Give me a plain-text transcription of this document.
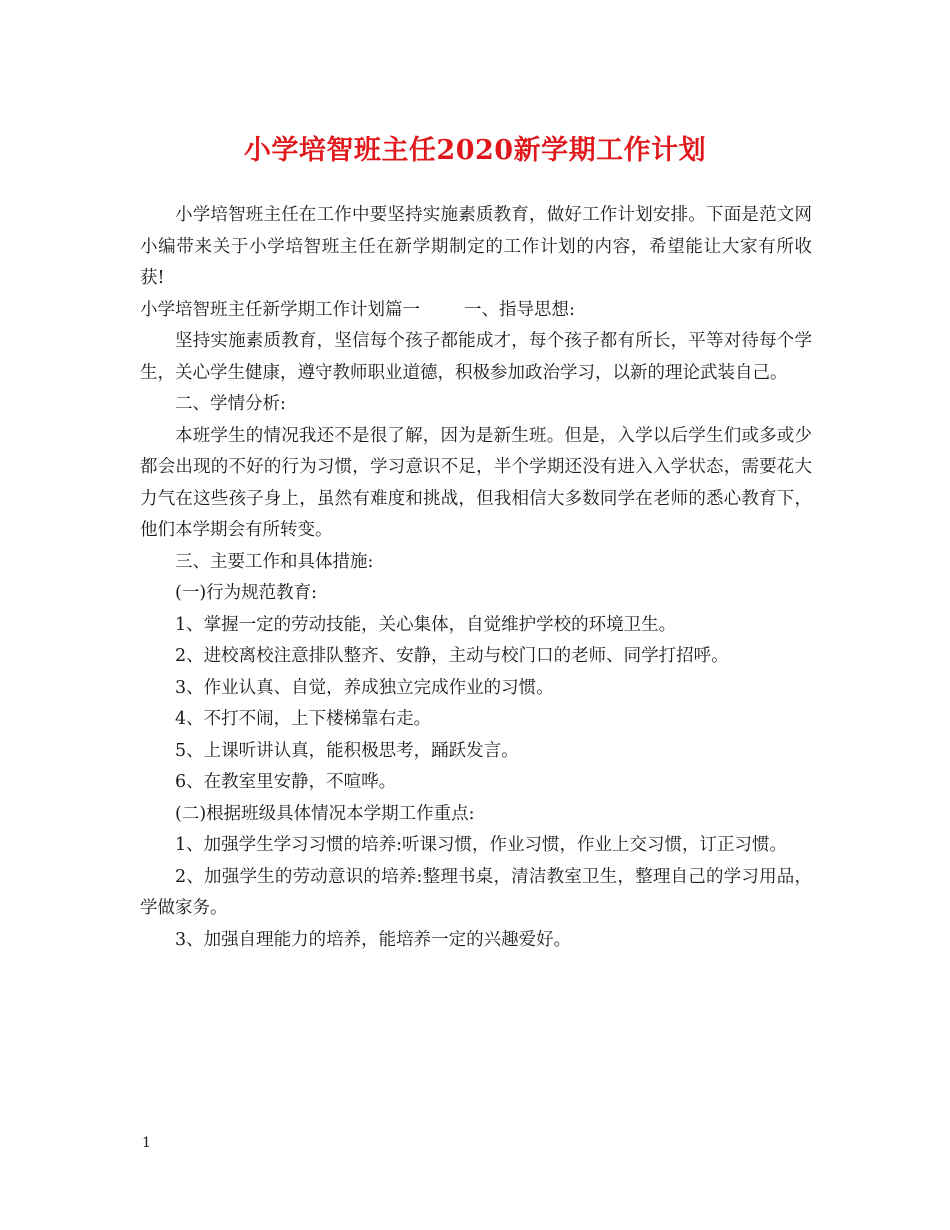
小学培智班主任2020新学期工作计划

小学培智班主任在工作中要坚持实施素质教育，做好工作计划安排。下面是范文网小编带来关于小学培智班主任在新学期制定的工作计划的内容，希望能让大家有所收获!

小学培智班主任新学期工作计划篇一	一、指导思想:

坚持实施素质教育，坚信每个孩子都能成才，每个孩子都有所长，平等对待每个学生，关心学生健康，遵守教师职业道德，积极参加政治学习，以新的理论武装自己。

二、学情分析:

本班学生的情况我还不是很了解，因为是新生班。但是，入学以后学生们或多或少都会出现的不好的行为习惯，学习意识不足，半个学期还没有进入入学状态，需要花大力气在这些孩子身上，虽然有难度和挑战，但我相信大多数同学在老师的悉心教育下，他们本学期会有所转变。

三、主要工作和具体措施:

(一)行为规范教育:

1、掌握一定的劳动技能，关心集体，自觉维护学校的环境卫生。

2、进校离校注意排队整齐、安静，主动与校门口的老师、同学打招呼。

3、作业认真、自觉，养成独立完成作业的习惯。

4、不打不闹，上下楼梯靠右走。

5、上课听讲认真，能积极思考，踊跃发言。

6、在教室里安静，不喧哗。

(二)根据班级具体情况本学期工作重点:

1、加强学生学习习惯的培养:听课习惯，作业习惯，作业上交习惯，订正习惯。

2、加强学生的劳动意识的培养:整理书桌，清洁教室卫生，整理自己的学习用品，学做家务。

3、加强自理能力的培养，能培养一定的兴趣爱好。

1
